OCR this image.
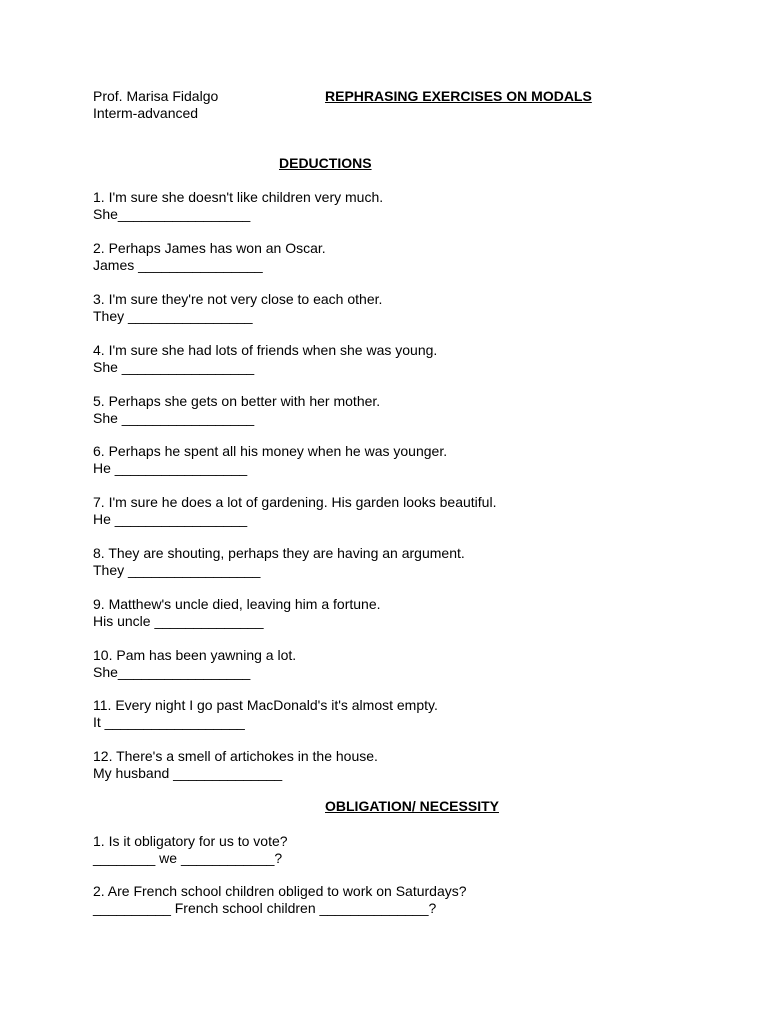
Prof. Marisa Fidalgo
Interm-advanced
REPHRASING EXERCISES ON MODALS
DEDUCTIONS
1. I'm sure she doesn't like children very much.
She_________________
2. Perhaps James has won an Oscar.
James ________________
3. I'm sure they're not very close to each other.
They ________________
4. I'm sure she had lots of friends when she was young.
She _________________
5. Perhaps she gets on better with her mother.
She _________________
6. Perhaps he spent all his money when he was younger.
He _________________
7. I'm sure he does a lot of gardening. His garden looks beautiful.
He _________________
8. They are shouting, perhaps they are having an argument.
They _________________
9. Matthew's uncle died, leaving him a fortune.
His uncle ______________
10. Pam has been yawning a lot.
She_________________
11. Every night I go past MacDonald's it's almost empty.
It __________________
12. There's a smell of artichokes in the house.
My husband ______________
OBLIGATION/ NECESSITY
1. Is it obligatory for us to vote?
________ we ____________?
2. Are French school children obliged to work on Saturdays?
__________ French school children ______________?
